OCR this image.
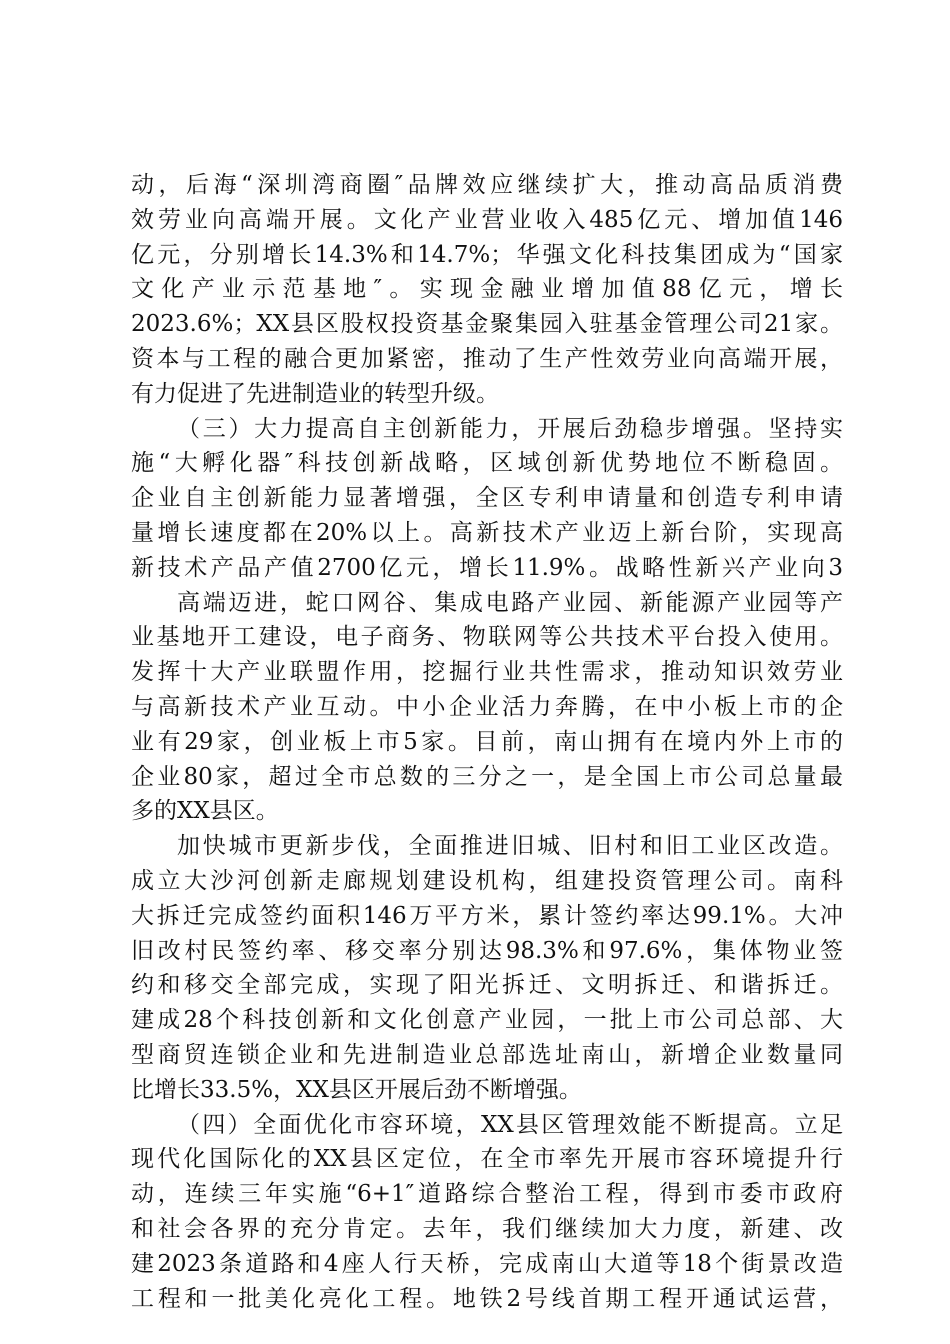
动，后海“深圳湾商圈″品牌效应继续扩大，推动高品质消费
效劳业向高端开展。文化产业营业收入485亿元、增加值146
亿元，分别增长14.3%和14.7%；华强文化科技集团成为“国家
文化产业示范基地″。实现金融业增加值88亿元，增长
2023.6%；XX县区股权投资基金聚集园入驻基金管理公司21家。
资本与工程的融合更加紧密，推动了生产性效劳业向高端开展，
有力促进了先进制造业的转型升级。
（三）大力提高自主创新能力，开展后劲稳步增强。坚持实
施“大孵化器″科技创新战略，区域创新优势地位不断稳固。
企业自主创新能力显著增强，全区专利申请量和创造专利申请
量增长速度都在20%以上。高新技术产业迈上新台阶，实现高
新技术产品产值2700亿元，增长11.9%。战略性新兴产业向3
高端迈进，蛇口网谷、集成电路产业园、新能源产业园等产
业基地开工建设，电子商务、物联网等公共技术平台投入使用。
发挥十大产业联盟作用，挖掘行业共性需求，推动知识效劳业
与高新技术产业互动。中小企业活力奔腾，在中小板上市的企
业有29家，创业板上市5家。目前，南山拥有在境内外上市的
企业80家，超过全市总数的三分之一，是全国上市公司总量最
多的XX县区。
加快城市更新步伐，全面推进旧城、旧村和旧工业区改造。
成立大沙河创新走廊规划建设机构，组建投资管理公司。南科
大拆迁完成签约面积146万平方米，累计签约率达99.1%。大冲
旧改村民签约率、移交率分别达98.3%和97.6%，集体物业签
约和移交全部完成，实现了阳光拆迁、文明拆迁、和谐拆迁。
建成28个科技创新和文化创意产业园，一批上市公司总部、大
型商贸连锁企业和先进制造业总部选址南山，新增企业数量同
比增长33.5%，XX县区开展后劲不断增强。
（四）全面优化市容环境，XX县区管理效能不断提高。立足
现代化国际化的XX县区定位，在全市率先开展市容环境提升行
动，连续三年实施“6+1″道路综合整治工程，得到市委市政府
和社会各界的充分肯定。去年，我们继续加大力度，新建、改
建2023条道路和4座人行天桥，完成南山大道等18个街景改造
工程和一批美化亮化工程。地铁2号线首期工程开通试运营，
